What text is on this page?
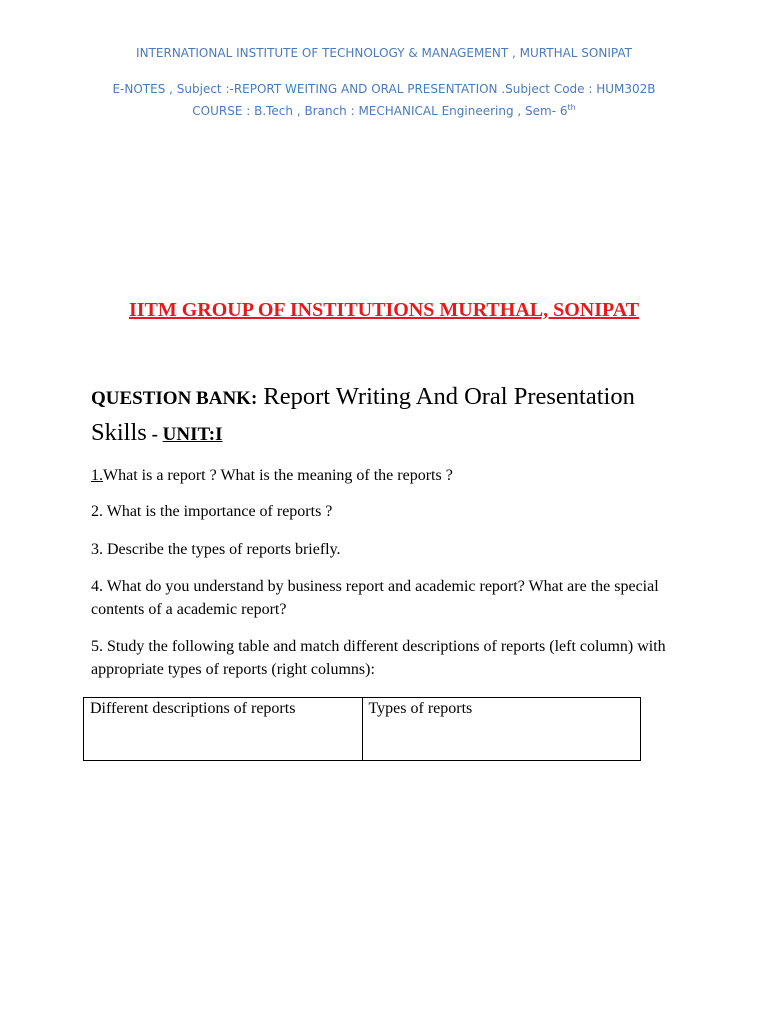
INTERNATIONAL INSTITUTE OF TECHNOLOGY & MANAGEMENT , MURTHAL SONIPAT
E-NOTES , Subject :-REPORT WEITING AND ORAL PRESENTATION .Subject Code : HUM302B
COURSE : B.Tech , Branch : MECHANICAL Engineering , Sem- 6th
IITM GROUP OF INSTITUTIONS MURTHAL, SONIPAT
QUESTION BANK: Report Writing And Oral Presentation Skills - UNIT:I
1.What is a report ? What is the meaning of the reports ?
2. What is the importance of reports ?
3. Describe the types of reports briefly.
4. What do you understand by business report and academic report? What are the special contents of a academic report?
5. Study the following table and match different descriptions of reports (left column) with appropriate types of reports (right columns):
Different descriptions of reports	Types of reports
